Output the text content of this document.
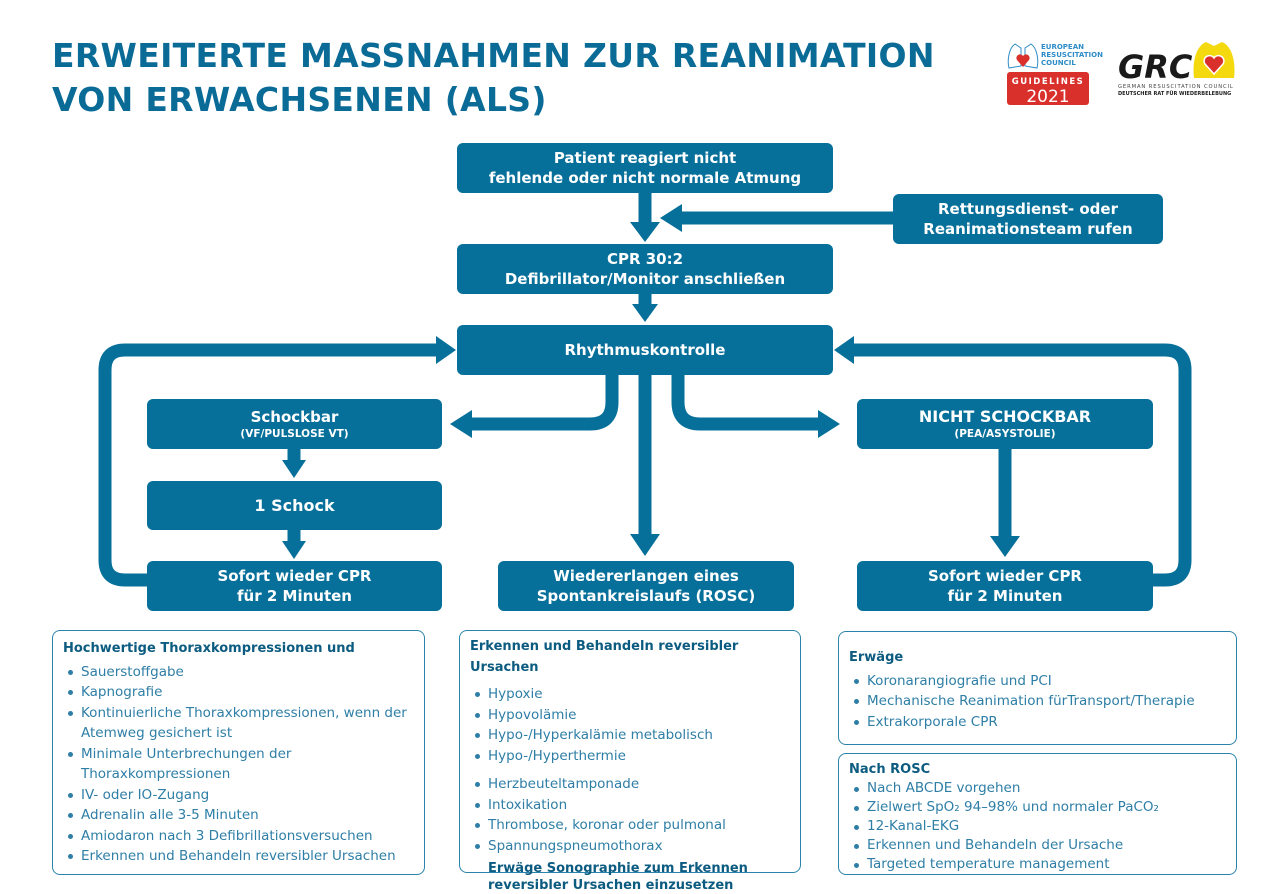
ERWEITERTE MASSNAHMEN ZUR REANIMATION
VON ERWACHSENEN (ALS)
EUROPEAN
RESUSCITATION
COUNCIL
GUIDELINES
2021
GRC
GERMAN RESUSCITATION COUNCIL
DEUTSCHER RAT FÜR WIEDERBELEBUNG
Patient reagiert nicht
fehlende oder nicht normale Atmung
Rettungsdienst- oder
Reanimationsteam rufen
CPR 30:2
Defibrillator/Monitor anschließen
Rhythmuskontrolle
Schockbar
(VF/PULSLOSE VT)
1 Schock
Sofort wieder CPR
für 2 Minuten
Wiedererlangen eines
Spontankreislaufs (ROSC)
NICHT SCHOCKBAR
(PEA/ASYSTOLIE)
Sofort wieder CPR
für 2 Minuten
Hochwertige Thoraxkompressionen und
Sauerstoffgabe
Kapnografie
Kontinuierliche Thoraxkompressionen, wenn der Atemweg gesichert ist
Minimale Unterbrechungen der Thoraxkompressionen
IV- oder IO-Zugang
Adrenalin alle 3-5 Minuten
Amiodaron nach 3 Defibrillationsversuchen
Erkennen und Behandeln reversibler Ursachen
Erkennen und Behandeln reversibler Ursachen
Hypoxie
Hypovolämie
Hypo-/Hyperkalämie metabolisch
Hypo-/Hyperthermie
Herzbeuteltamponade
Intoxikation
Thrombose, koronar oder pulmonal
Spannungspneumothorax
Erwäge Sonographie zum Erkennen reversibler Ursachen einzusetzen
Erwäge
Koronarangiografie und PCI
Mechanische Reanimation fürTransport/Therapie
Extrakorporale CPR
Nach ROSC
Nach ABCDE vorgehen
Zielwert SpO₂ 94–98% und normaler PaCO₂
12-Kanal-EKG
Erkennen und Behandeln der Ursache
Targeted temperature management
